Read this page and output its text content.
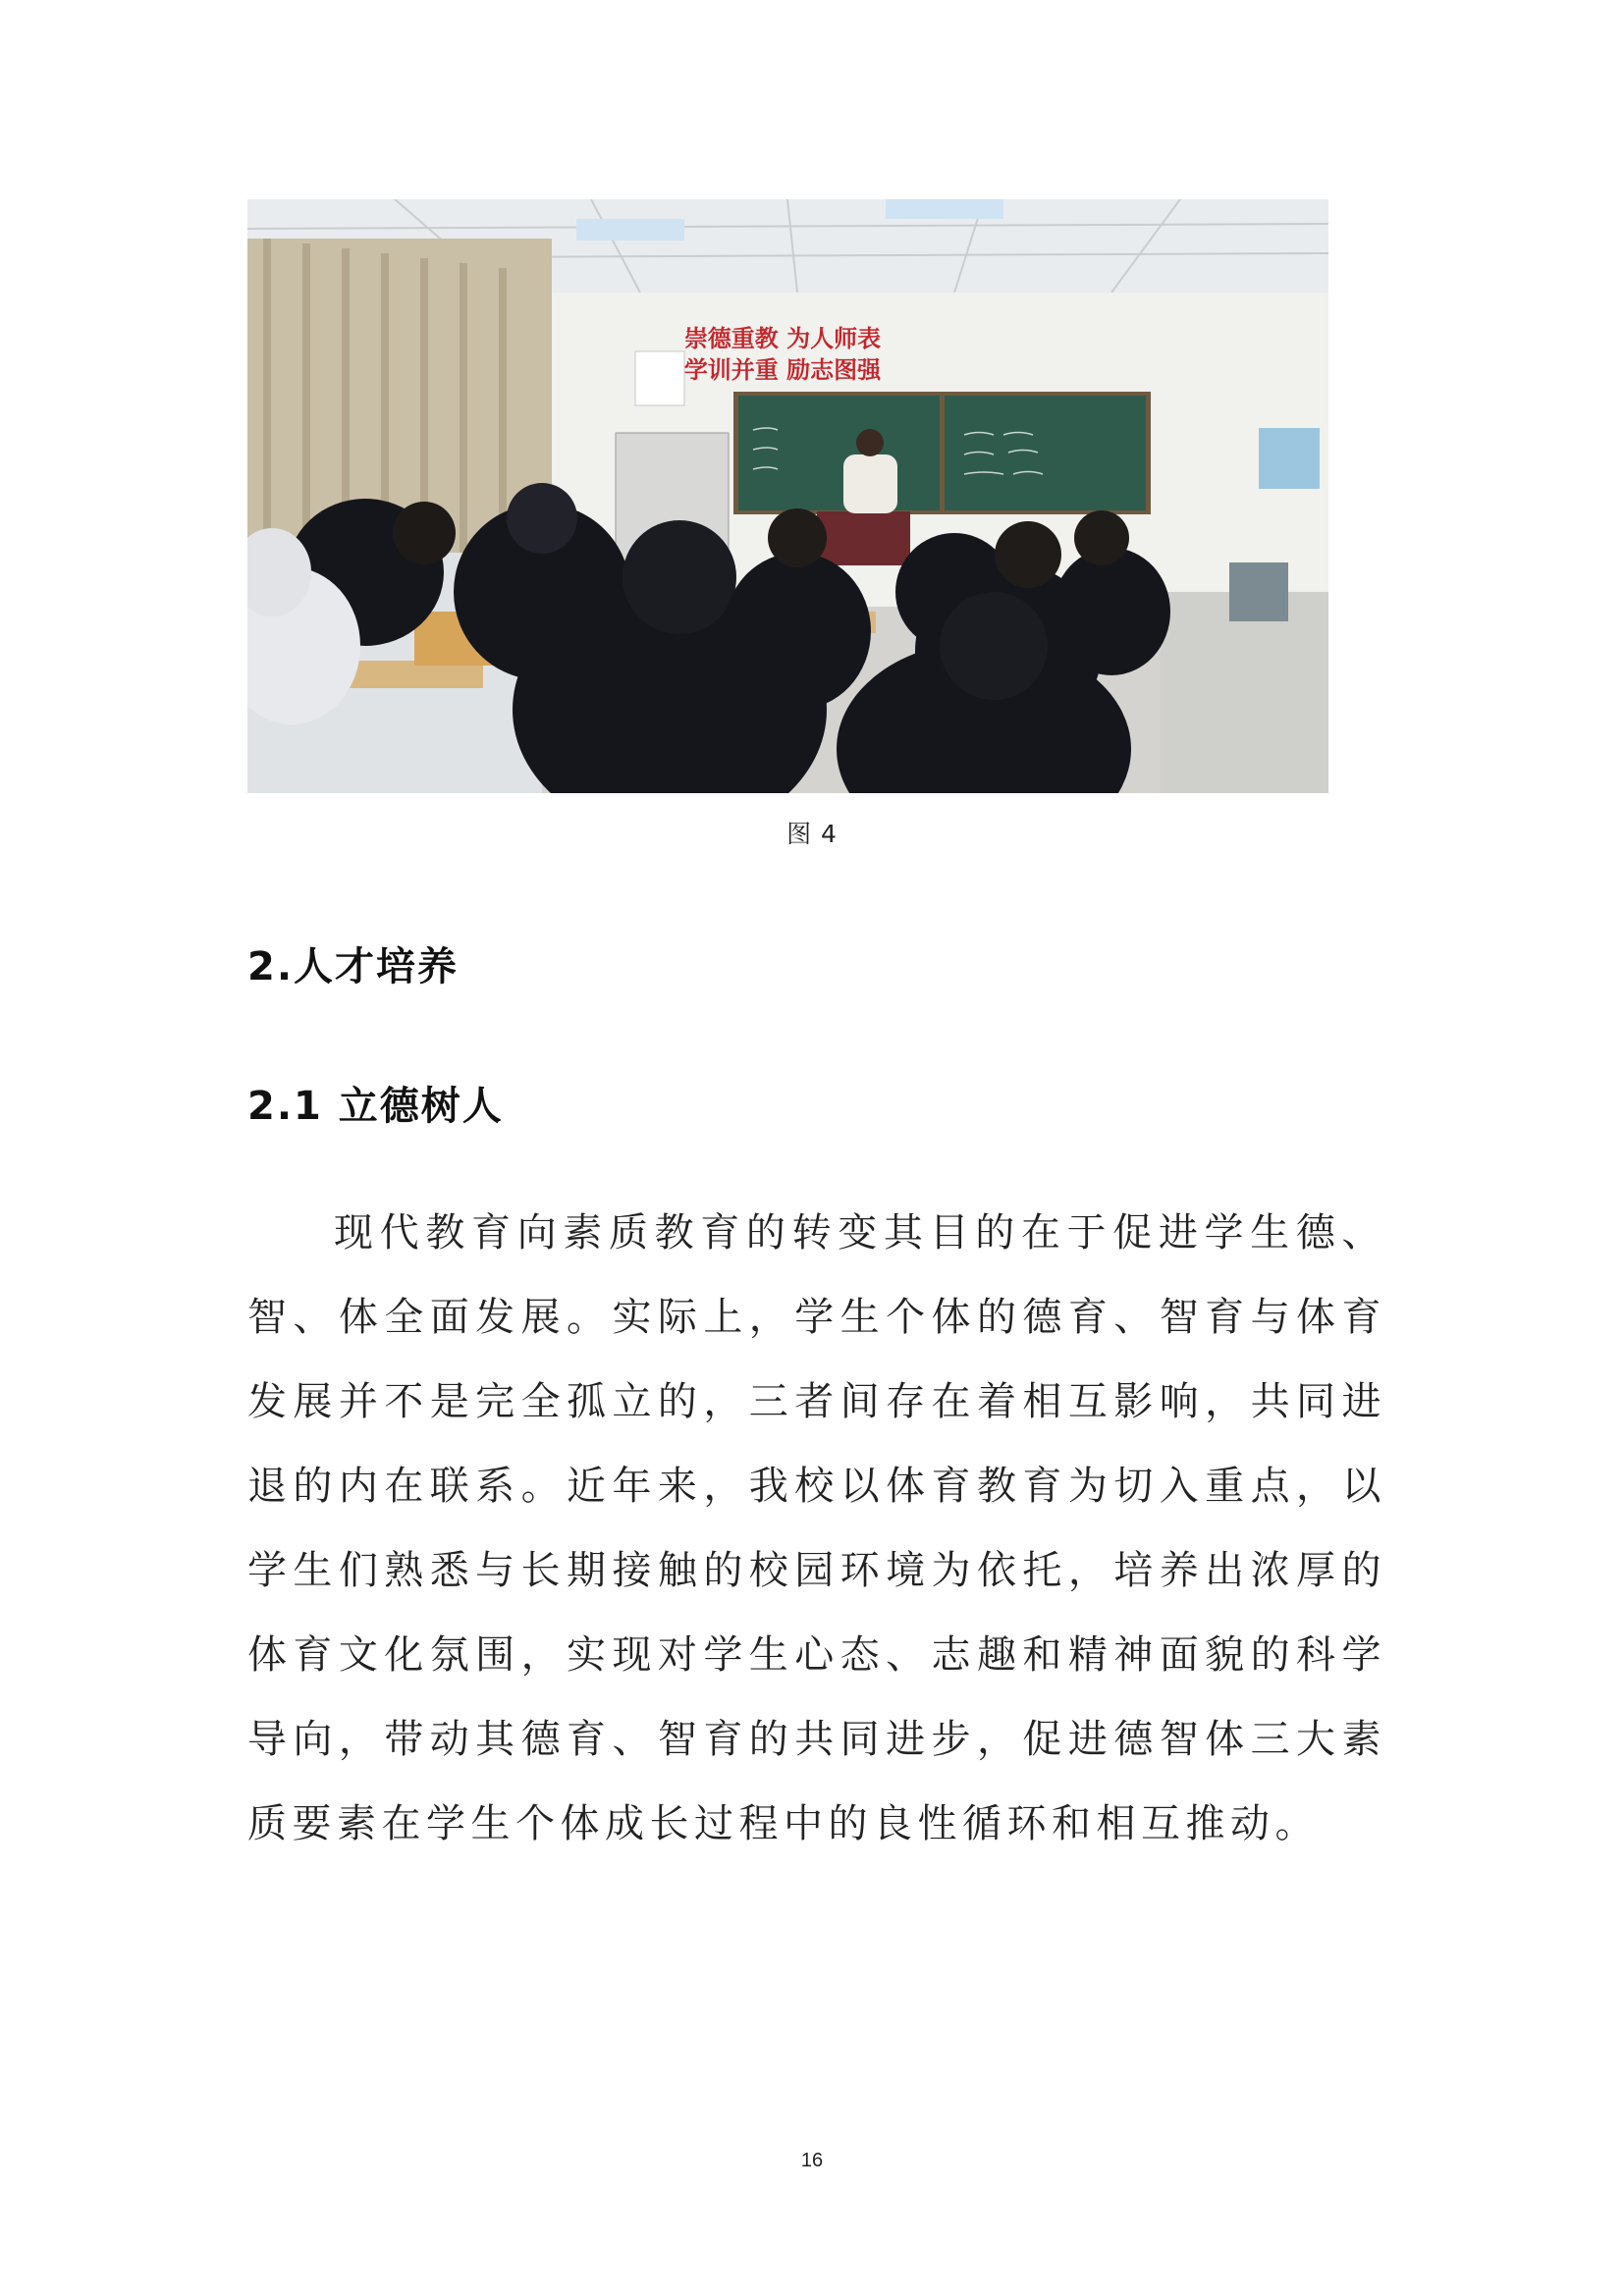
崇德重教 为人师表
学训并重 励志图强
图 4
2.人才培养
2.1 立德树人
现代教育向素质教育的转变其目的在于促进学生德、智、体全面发展。实际上，学生个体的德育、智育与体育发展并不是完全孤立的，三者间存在着相互影响，共同进退的内在联系。近年来，我校以体育教育为切入重点，以学生们熟悉与长期接触的校园环境为依托，培养出浓厚的体育文化氛围，实现对学生心态、志趣和精神面貌的科学导向，带动其德育、智育的共同进步，促进德智体三大素质要素在学生个体成长过程中的良性循环和相互推动。
16
